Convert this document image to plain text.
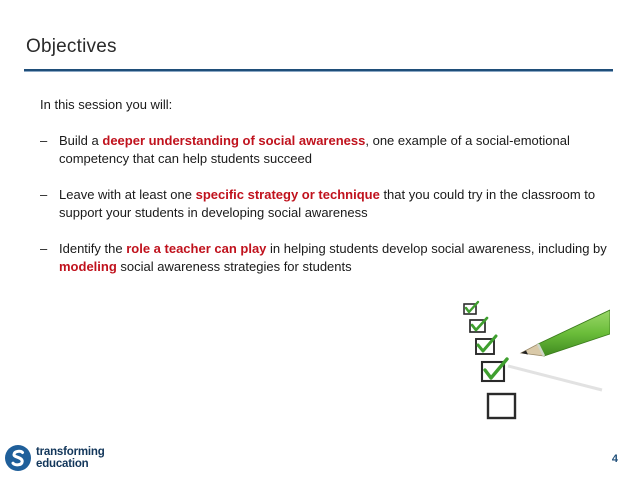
Objectives
In this session you will:
– Build a deeper understanding of social awareness, one example of a social-emotional competency that can help students succeed
– Leave with at least one specific strategy or technique that you could try in the classroom to support your students in developing social awareness
– Identify the role a teacher can play in helping students develop social awareness, including by modeling social awareness strategies for students
transforming
education	4
